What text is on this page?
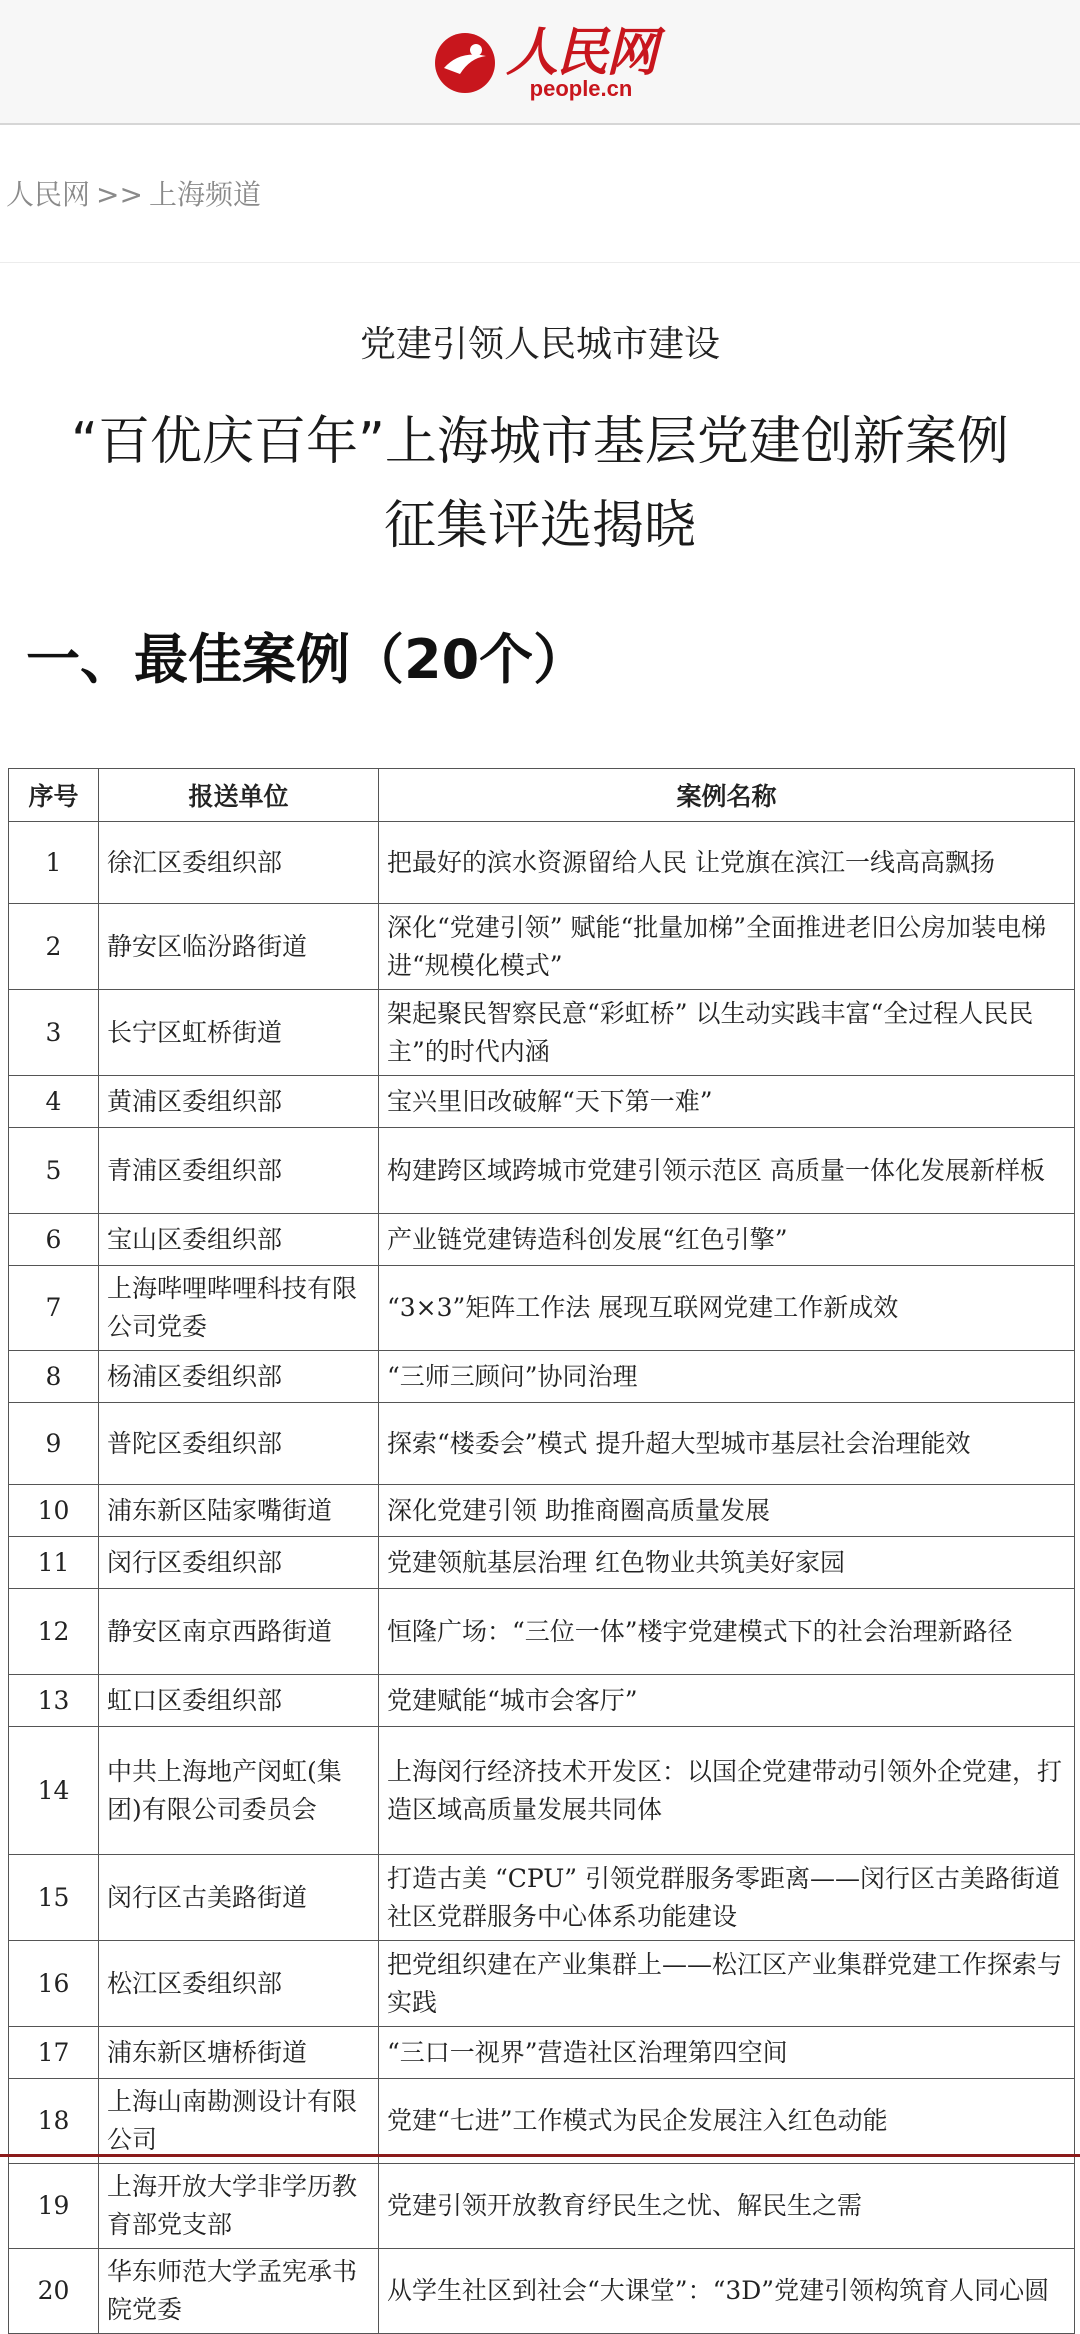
人民网
people.cn
人民网 >> 上海频道
党建引领人民城市建设
“百优庆百年”上海城市基层党建创新案例征集评选揭晓
一、最佳案例（20个）
序号	报送单位	案例名称
1	徐汇区委组织部	把最好的滨水资源留给人民 让党旗在滨江一线高高飘扬
2	静安区临汾路街道	深化“党建引领” 赋能“批量加梯”全面推进老旧公房加装电梯进“规模化模式”
3	长宁区虹桥街道	架起聚民智察民意“彩虹桥” 以生动实践丰富“全过程人民民主”的时代内涵
4	黄浦区委组织部	宝兴里旧改破解“天下第一难”
5	青浦区委组织部	构建跨区域跨城市党建引领示范区 高质量一体化发展新样板
6	宝山区委组织部	产业链党建铸造科创发展“红色引擎”
7	上海哔哩哔哩科技有限公司党委	“3×3”矩阵工作法 展现互联网党建工作新成效
8	杨浦区委组织部	“三师三顾问”协同治理
9	普陀区委组织部	探索“楼委会”模式 提升超大型城市基层社会治理能效
10	浦东新区陆家嘴街道	深化党建引领 助推商圈高质量发展
11	闵行区委组织部	党建领航基层治理 红色物业共筑美好家园
12	静安区南京西路街道	恒隆广场：“三位一体”楼宇党建模式下的社会治理新路径
13	虹口区委组织部	党建赋能“城市会客厅”
14	中共上海地产闵虹(集团)有限公司委员会	上海闵行经济技术开发区：以国企党建带动引领外企党建，打造区域高质量发展共同体
15	闵行区古美路街道	打造古美 “CPU” 引领党群服务零距离——闵行区古美路街道社区党群服务中心体系功能建设
16	松江区委组织部	把党组织建在产业集群上——松江区产业集群党建工作探索与实践
17	浦东新区塘桥街道	“三口一视界”营造社区治理第四空间
18	上海山南勘测设计有限公司	党建“七进”工作模式为民企发展注入红色动能
19	上海开放大学非学历教育部党支部	党建引领开放教育纾民生之忧、解民生之需
20	华东师范大学孟宪承书院党委	从学生社区到社会“大课堂”：“3D”党建引领构筑育人同心圆
